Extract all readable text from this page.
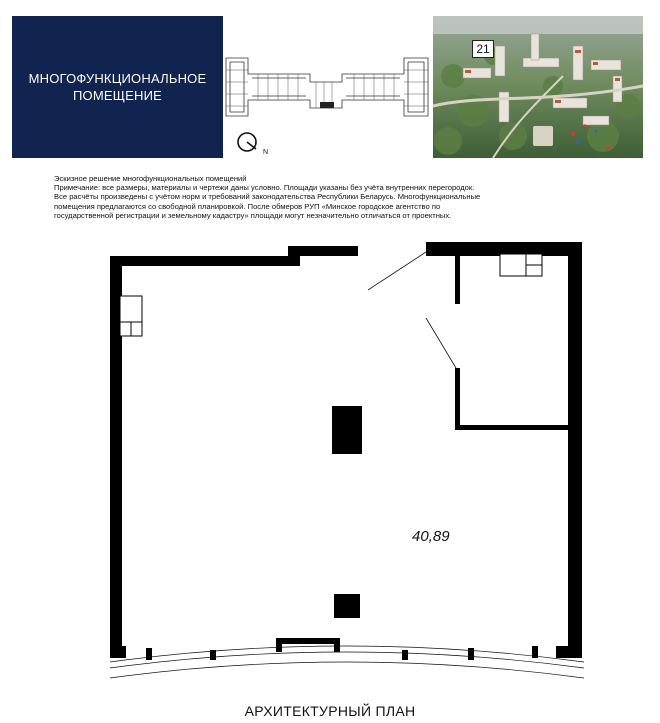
МНОГОФУНКЦИОНАЛЬНОЕ
ПОМЕЩЕНИЕ
N
21

Эскизное решение многофункциональных помещений

Примечание: все размеры, материалы и чертежи даны условно. Площади указаны без учёта внутренних перегородок.

Все расчёты произведены с учётом норм и требований законодательства Республики Беларусь. Многофункциональные

помещения предлагаются со свободной планировкой. После обмеров РУП «Минское городское агентство по

государственной регистрации и земельному кадастру» площади могут незначительно отличаться от проектных.

40,89
АРХИТЕКТУРНЫЙ ПЛАН
